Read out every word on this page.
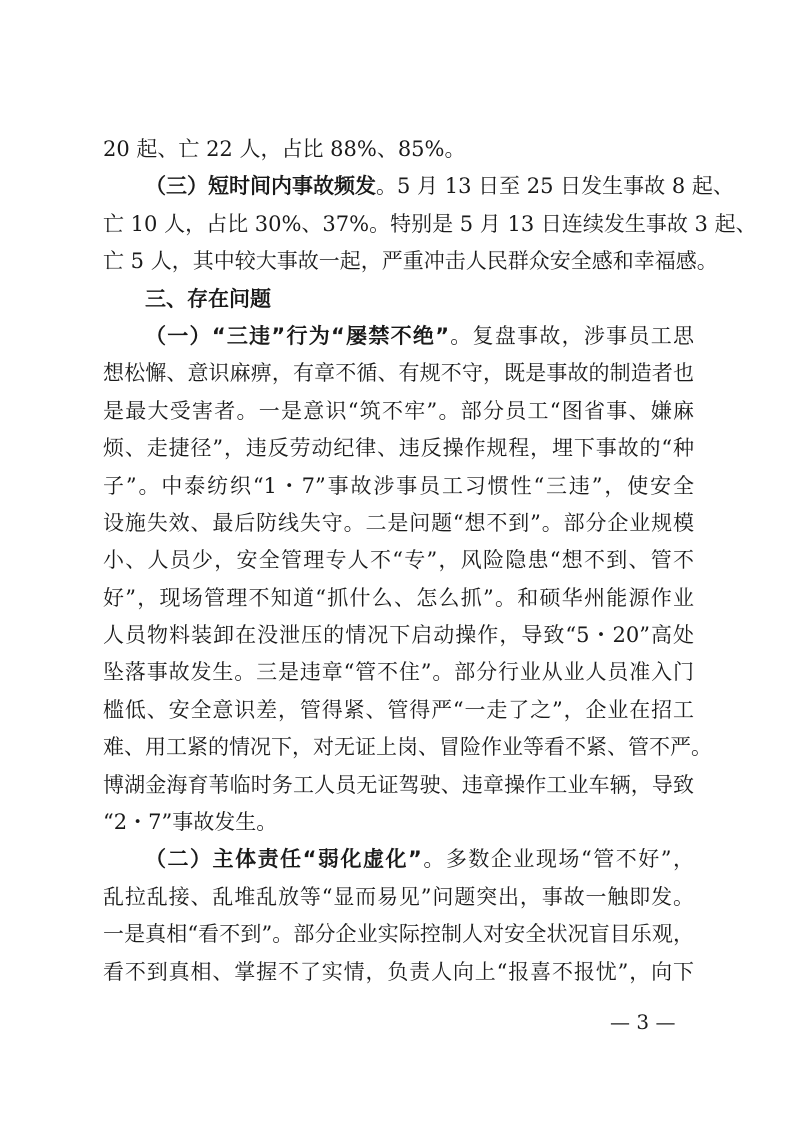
20 起、亡 22 人，占比 88%、85%。
（三）短时间内事故频发。5 月 13 日至 25 日发生事故 8 起、
亡 10 人，占比 30%、37%。特别是 5 月 13 日连续发生事故 3 起、
亡 5 人，其中较大事故一起，严重冲击人民群众安全感和幸福感。
三、存在问题
（一）“三违”行为“屡禁不绝”。复盘事故，涉事员工思
想松懈、意识麻痹，有章不循、有规不守，既是事故的制造者也
是最大受害者。一是意识“筑不牢”。部分员工“图省事、嫌麻
烦、走捷径”，违反劳动纪律、违反操作规程，埋下事故的“种
子”。中泰纺织“1・7”事故涉事员工习惯性“三违”，使安全
设施失效、最后防线失守。二是问题“想不到”。部分企业规模
小、人员少，安全管理专人不“专”，风险隐患“想不到、管不
好”，现场管理不知道“抓什么、怎么抓”。和硕华州能源作业
人员物料装卸在没泄压的情况下启动操作，导致“5・20”高处
坠落事故发生。三是违章“管不住”。部分行业从业人员准入门
槛低、安全意识差，管得紧、管得严“一走了之”，企业在招工
难、用工紧的情况下，对无证上岗、冒险作业等看不紧、管不严。
博湖金海育苇临时务工人员无证驾驶、违章操作工业车辆，导致
“2・7”事故发生。
（二）主体责任“弱化虚化”。多数企业现场“管不好”，
乱拉乱接、乱堆乱放等“显而易见”问题突出，事故一触即发。
一是真相“看不到”。部分企业实际控制人对安全状况盲目乐观，
看不到真相、掌握不了实情，负责人向上“报喜不报忧”，向下
— 3 —
